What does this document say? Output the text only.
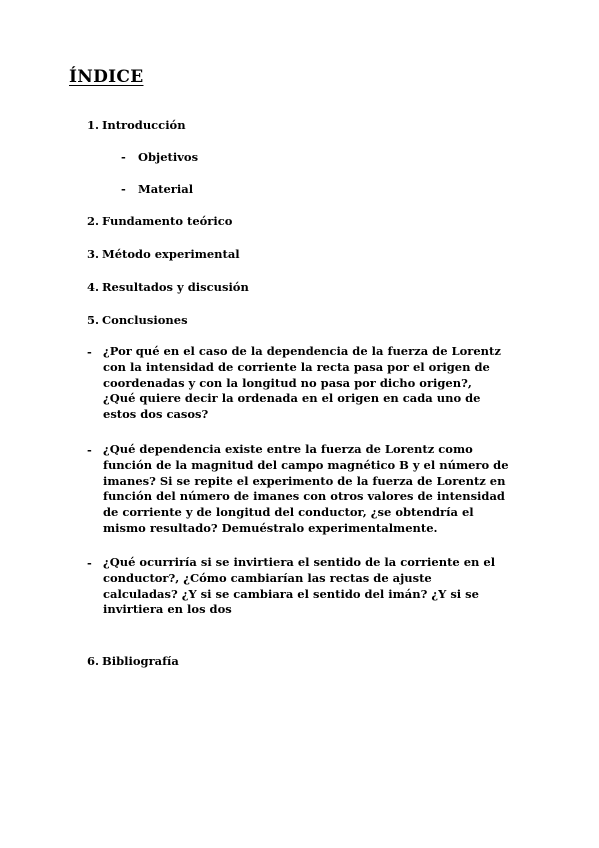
ÍNDICE
1. Introducción
- Objetivos
- Material
2. Fundamento teórico
3. Método experimental
4. Resultados y discusión
5. Conclusiones
- ¿Por qué en el caso de la dependencia de la fuerza de Lorentz

con la intensidad de corriente la recta pasa por el origen de

coordenadas y con la longitud no pasa por dicho origen?,

¿Qué quiere decir la ordenada en el origen en cada uno de

estos dos casos?

- ¿Qué dependencia existe entre la fuerza de Lorentz como

función de la magnitud del campo magnético B y el número de

imanes? Si se repite el experimento de la fuerza de Lorentz en

función del número de imanes con otros valores de intensidad

de corriente y de longitud del conductor, ¿se obtendría el

mismo resultado? Demuéstralo experimentalmente.

- ¿Qué ocurriría si se invirtiera el sentido de la corriente en el

conductor?, ¿Cómo cambiarían las rectas de ajuste

calculadas? ¿Y si se cambiara el sentido del imán? ¿Y si se

invirtiera en los dos

6. Bibliografía
